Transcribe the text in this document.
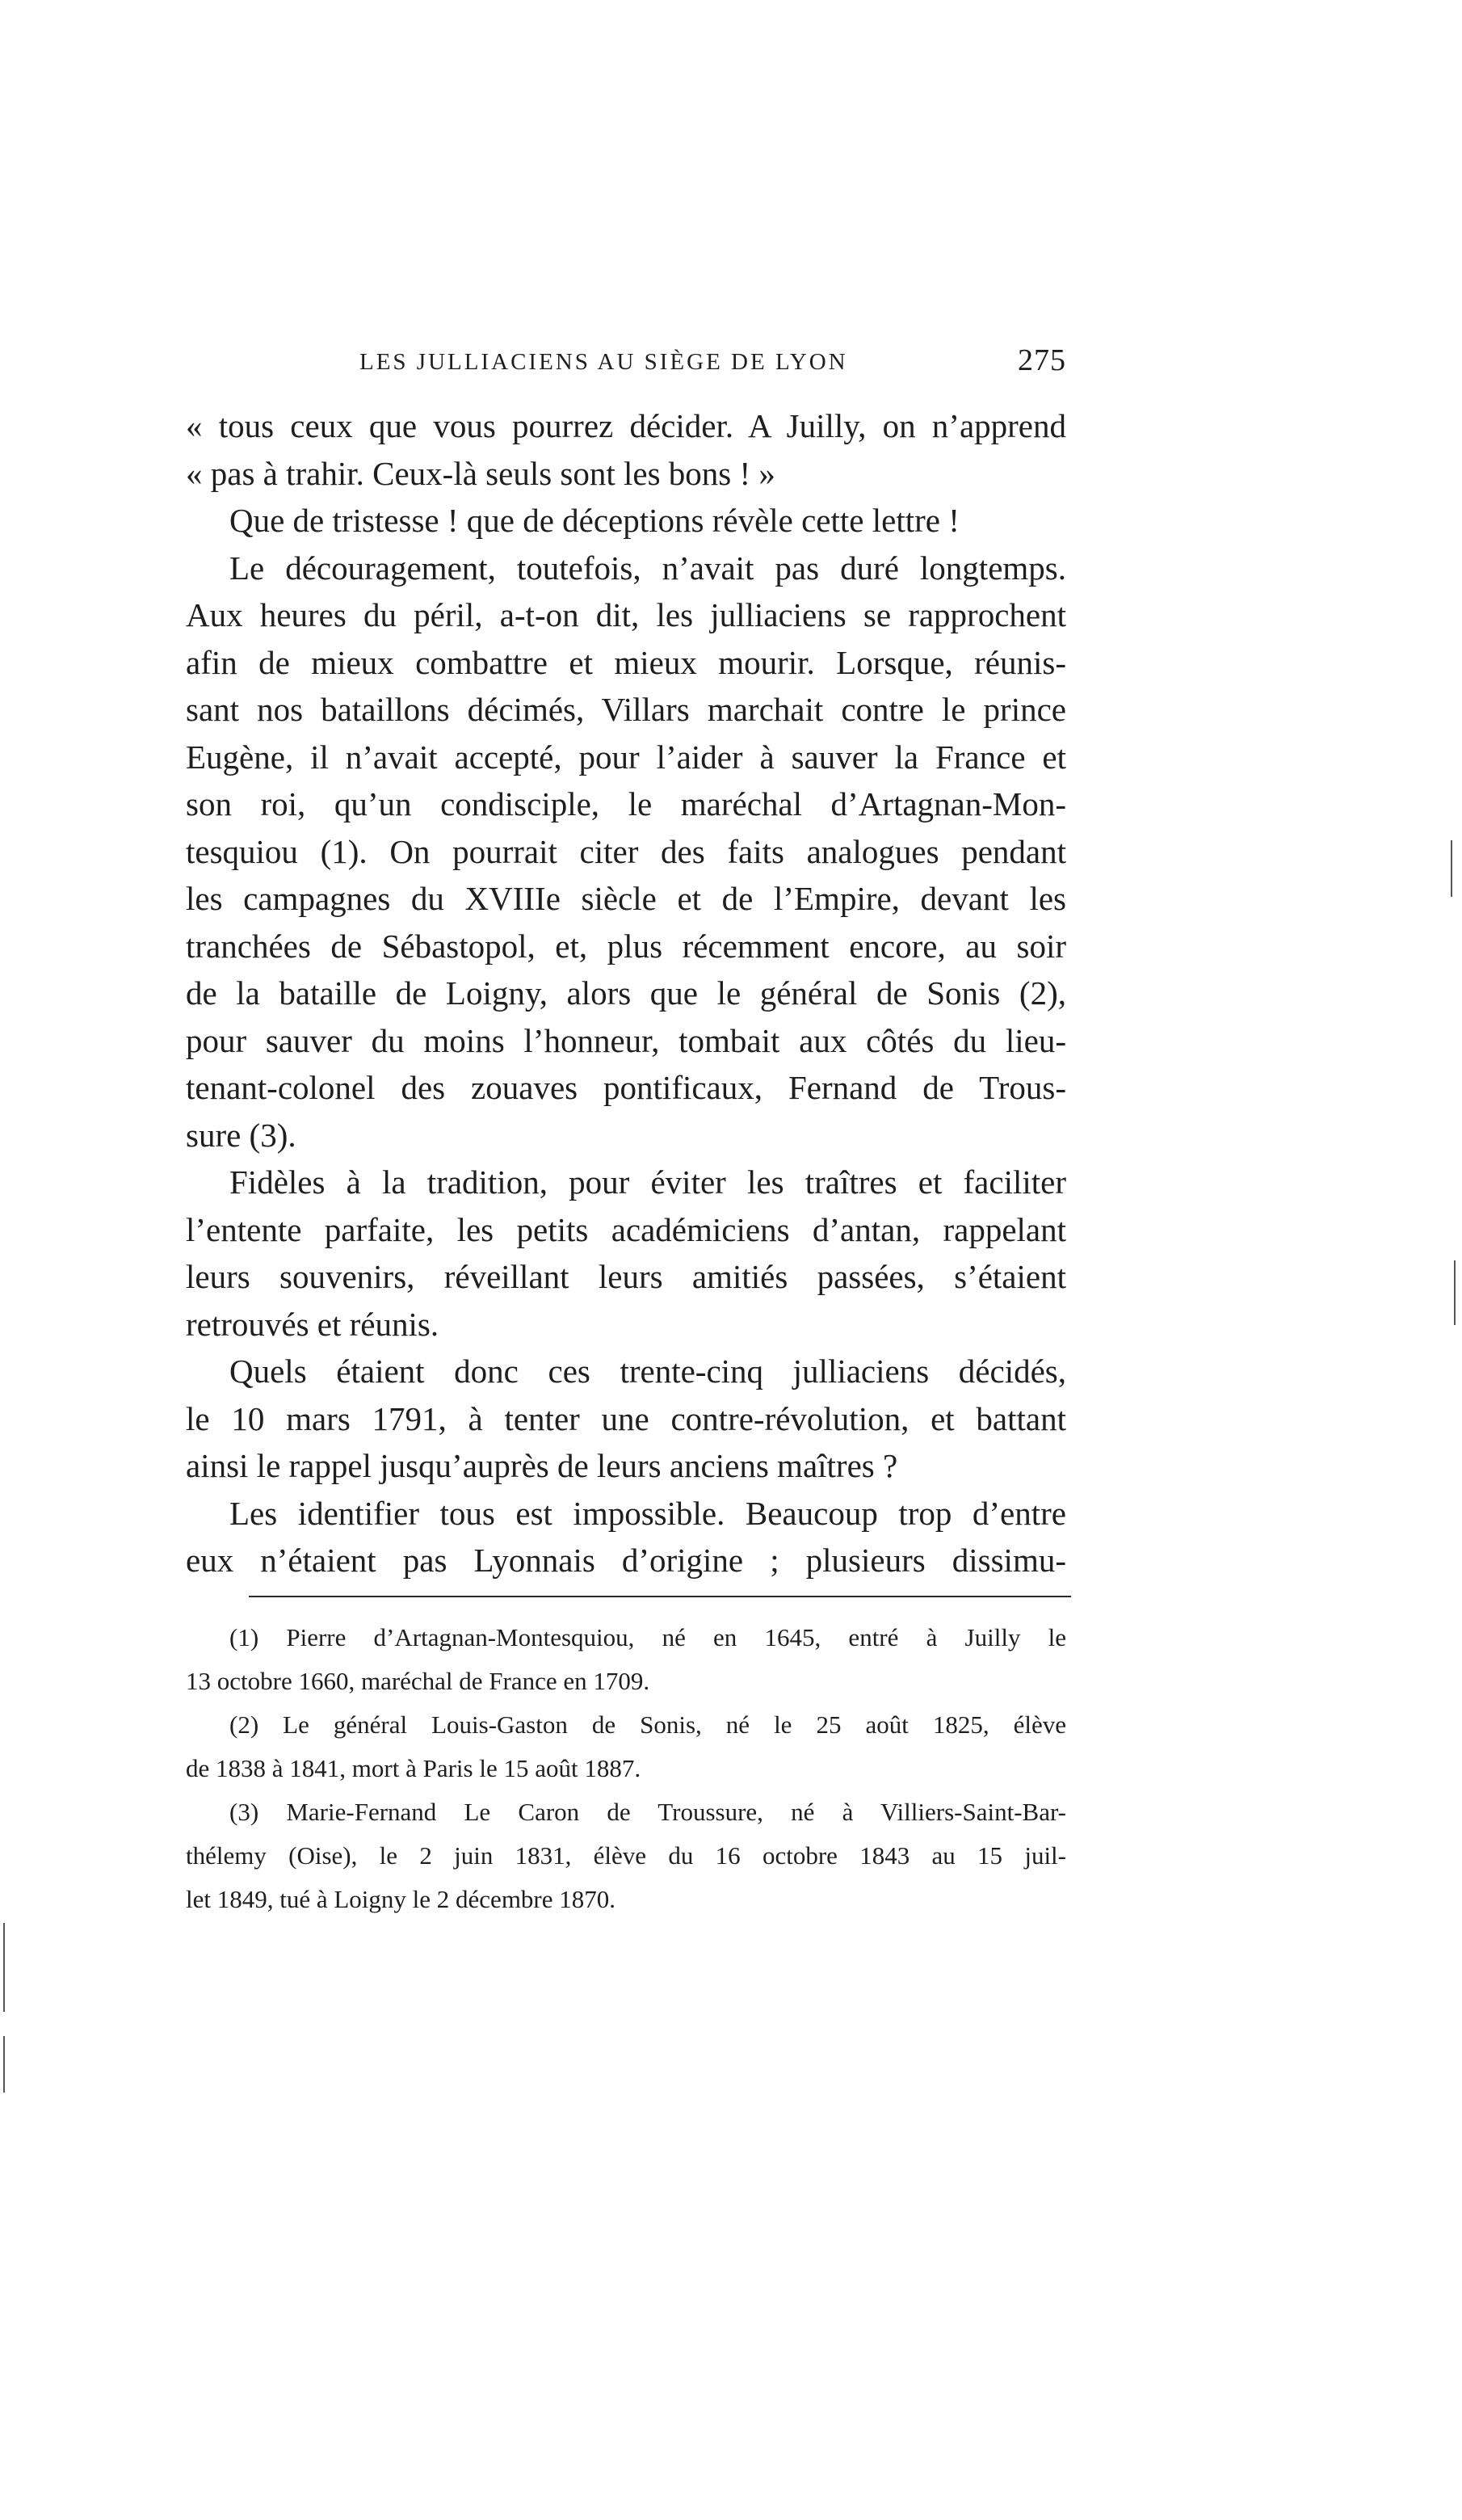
LES JULLIACIENS AU SIÈGE DE LYON	275
« tous ceux que vous pourrez décider. A Juilly, on n’apprend
« pas à trahir. Ceux-là seuls sont les bons ! »
Que de tristesse ! que de déceptions révèle cette lettre !
Le découragement, toutefois, n’avait pas duré longtemps.
Aux heures du péril, a-t-on dit, les julliaciens se rapprochent
afin de mieux combattre et mieux mourir. Lorsque, réunis-
sant nos bataillons décimés, Villars marchait contre le prince
Eugène, il n’avait accepté, pour l’aider à sauver la France et
son roi, qu’un condisciple, le maréchal d’Artagnan-Mon-
tesquiou (1). On pourrait citer des faits analogues pendant
les campagnes du XVIIIe siècle et de l’Empire, devant les
tranchées de Sébastopol, et, plus récemment encore, au soir
de la bataille de Loigny, alors que le général de Sonis (2),
pour sauver du moins l’honneur, tombait aux côtés du lieu-
tenant-colonel des zouaves pontificaux, Fernand de Trous-
sure (3).
Fidèles à la tradition, pour éviter les traîtres et faciliter
l’entente parfaite, les petits académiciens d’antan, rappelant
leurs souvenirs, réveillant leurs amitiés passées, s’étaient
retrouvés et réunis.
Quels étaient donc ces trente-cinq julliaciens décidés,
le 10 mars 1791, à tenter une contre-révolution, et battant
ainsi le rappel jusqu’auprès de leurs anciens maîtres ?
Les identifier tous est impossible. Beaucoup trop d’entre
eux n’étaient pas Lyonnais d’origine ; plusieurs dissimu-
(1) Pierre d’Artagnan-Montesquiou, né en 1645, entré à Juilly le
13 octobre 1660, maréchal de France en 1709.
(2) Le général Louis-Gaston de Sonis, né le 25 août 1825, élève
de 1838 à 1841, mort à Paris le 15 août 1887.
(3) Marie-Fernand Le Caron de Troussure, né à Villiers-Saint-Bar-
thélemy (Oise), le 2 juin 1831, élève du 16 octobre 1843 au 15 juil-
let 1849, tué à Loigny le 2 décembre 1870.
